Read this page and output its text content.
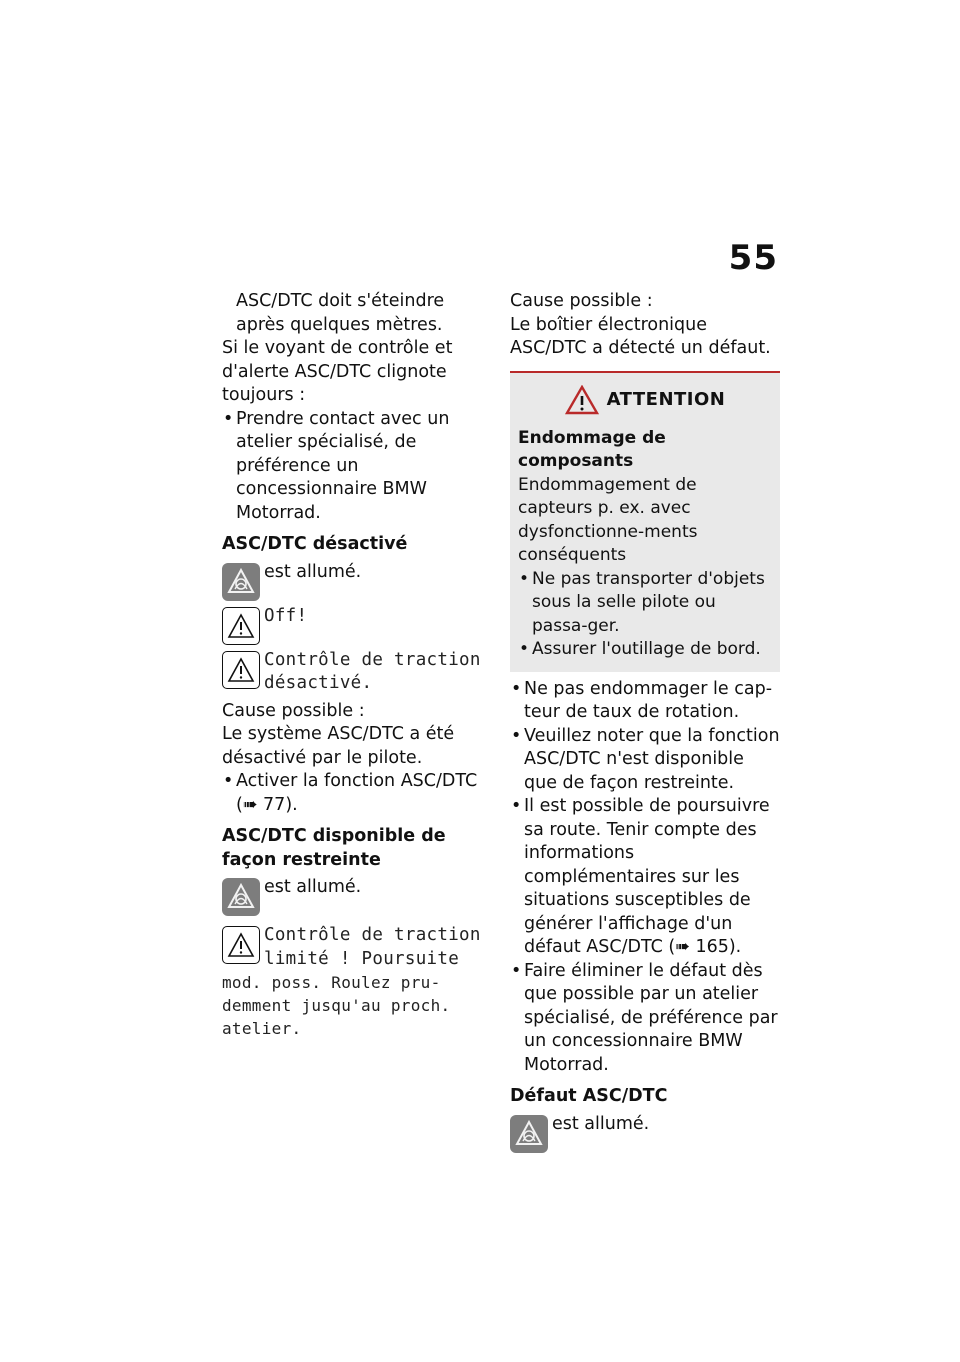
55
ASC/DTC doit s'éteindre
après quelques mètres.
Si le voyant de contrôle et d'alerte ASC/DTC clignote toujours :
• Prendre contact avec un atelier spécialisé, de préférence un concessionnaire BMW Motorrad.
ASC/DTC désactivé
est allumé.
Off!
Contrôle de traction
désactivé.
Cause possible :
Le système ASC/DTC a été désactivé par le pilote.
• Activer la fonction ASC/DTC (➠ 77).
ASC/DTC disponible de façon restreinte
est allumé.
Contrôle de traction
limité ! Poursuite
mod. poss. Roulez pru-demment jusqu'au proch. atelier.
Cause possible :
Le boîtier électronique ASC/DTC a détecté un défaut.
ATTENTION
Endommage de composants
Endommagement de capteurs p. ex. avec dysfonctionne-ments conséquents
• Ne pas transporter d'objets sous la selle pilote ou passa-ger.
• Assurer l'outillage de bord.
• Ne pas endommager le cap-teur de taux de rotation.
• Veuillez noter que la fonction ASC/DTC n'est disponible que de façon restreinte.
• Il est possible de poursuivre sa route. Tenir compte des informations complémentaires sur les situations susceptibles de générer l'affichage d'un défaut ASC/DTC (➠ 165).
• Faire éliminer le défaut dès que possible par un atelier spécialisé, de préférence par un concessionnaire BMW Motorrad.
Défaut ASC/DTC
est allumé.
